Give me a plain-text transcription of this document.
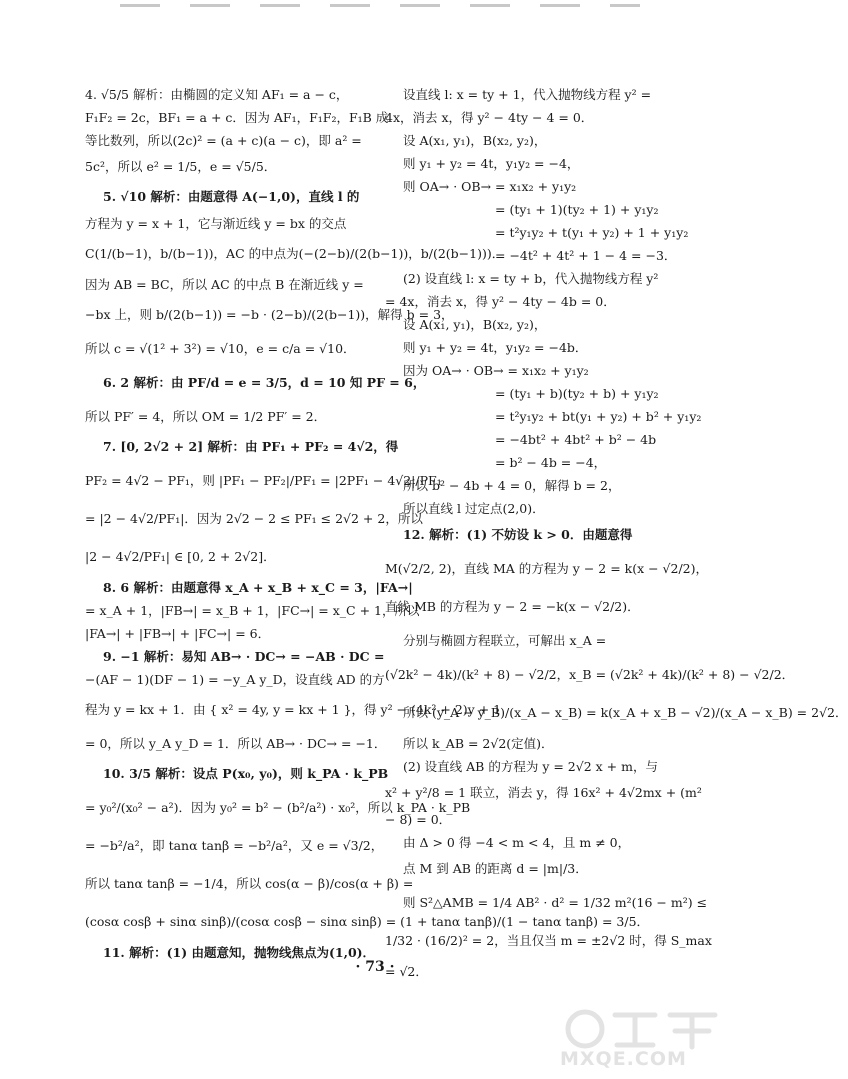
4. √5/5 解析：由椭圆的定义知 AF₁ = a − c，
F₁F₂ = 2c，BF₁ = a + c．因为 AF₁，F₁F₂，F₁B 成
等比数列，所以(2c)² = (a + c)(a − c)，即 a² =
5c²，所以 e² = 1/5，e = √5/5．
5. √10 解析：由题意得 A(−1,0)，直线 l 的
方程为 y = x + 1，它与渐近线 y = bx 的交点
C(1/(b−1)，b/(b−1))，AC 的中点为(−(2−b)/(2(b−1))，b/(2(b−1)))．
因为 AB = BC，所以 AC 的中点 B 在渐近线 y =
−bx 上，则 b/(2(b−1)) = −b · (2−b)/(2(b−1))，解得 b = 3，
所以 c = √(1² + 3²) = √10，e = c/a = √10．
6. 2 解析：由 PF/d = e = 3/5，d = 10 知 PF = 6，
所以 PF′ = 4，所以 OM = 1/2 PF′ = 2．
7. [0, 2√2 + 2] 解析：由 PF₁ + PF₂ = 4√2，得
PF₂ = 4√2 − PF₁，则 |PF₁ − PF₂|/PF₁ = |2PF₁ − 4√2|/PF₁
= |2 − 4√2/PF₁|．因为 2√2 − 2 ≤ PF₁ ≤ 2√2 + 2，所以
|2 − 4√2/PF₁| ∈ [0, 2 + 2√2]．
8. 6 解析：由题意得 x_A + x_B + x_C = 3，|FA→|
= x_A + 1，|FB→| = x_B + 1，|FC→| = x_C + 1，所以
|FA→| + |FB→| + |FC→| = 6．
9. −1 解析：易知 AB→ · DC→ = −AB · DC =
−(AF − 1)(DF − 1) = −y_A y_D，设直线 AD 的方
程为 y = kx + 1．由 { x² = 4y, y = kx + 1 }，得 y² − (4k² + 2)y + 1
= 0，所以 y_A y_D = 1．所以 AB→ · DC→ = −1．
10. 3/5 解析：设点 P(x₀, y₀)，则 k_PA · k_PB
= y₀²/(x₀² − a²)．因为 y₀² = b² − (b²/a²) · x₀²，所以 k_PA · k_PB
= −b²/a²，即 tanα tanβ = −b²/a²，又 e = √3/2，
所以 tanα tanβ = −1/4，所以 cos(α − β)/cos(α + β) =
(cosα cosβ + sinα sinβ)/(cosα cosβ − sinα sinβ) = (1 + tanα tanβ)/(1 − tanα tanβ) = 3/5．
11. 解析：(1) 由题意知，抛物线焦点为(1,0)．
设直线 l: x = ty + 1，代入抛物线方程 y² =
4x，消去 x，得 y² − 4ty − 4 = 0．
设 A(x₁, y₁)，B(x₂, y₂)，
则 y₁ + y₂ = 4t，y₁y₂ = −4，
则 OA→ · OB→ = x₁x₂ + y₁y₂
= (ty₁ + 1)(ty₂ + 1) + y₁y₂
= t²y₁y₂ + t(y₁ + y₂) + 1 + y₁y₂
= −4t² + 4t² + 1 − 4 = −3．
(2) 设直线 l: x = ty + b，代入抛物线方程 y²
= 4x，消去 x，得 y² − 4ty − 4b = 0．
设 A(x₁, y₁)，B(x₂, y₂)，
则 y₁ + y₂ = 4t，y₁y₂ = −4b．
因为 OA→ · OB→ = x₁x₂ + y₁y₂
= (ty₁ + b)(ty₂ + b) + y₁y₂
= t²y₁y₂ + bt(y₁ + y₂) + b² + y₁y₂
= −4bt² + 4bt² + b² − 4b
= b² − 4b = −4，
所以 b² − 4b + 4 = 0，解得 b = 2，
所以直线 l 过定点(2,0)．
12. 解析：(1) 不妨设 k > 0．由题意得
M(√2/2, 2)，直线 MA 的方程为 y − 2 = k(x − √2/2)，
直线 MB 的方程为 y − 2 = −k(x − √2/2)．
分别与椭圆方程联立，可解出 x_A =
(√2k² − 4k)/(k² + 8) − √2/2，x_B = (√2k² + 4k)/(k² + 8) − √2/2．
所以 (y_A − y_B)/(x_A − x_B) = k(x_A + x_B − √2)/(x_A − x_B) = 2√2．
所以 k_AB = 2√2(定值)．
(2) 设直线 AB 的方程为 y = 2√2 x + m，与
x² + y²/8 = 1 联立，消去 y，得 16x² + 4√2mx + (m²
− 8) = 0．
由 Δ > 0 得 −4 < m < 4，且 m ≠ 0，
点 M 到 AB 的距离 d = |m|/3．
则 S²△AMB = 1/4 AB² · d² = 1/32 m²(16 − m²) ≤
1/32 · (16/2)² = 2，当且仅当 m = ±2√2 时，得 S_max
= √2．
· 73 ·
MXQE.COM
